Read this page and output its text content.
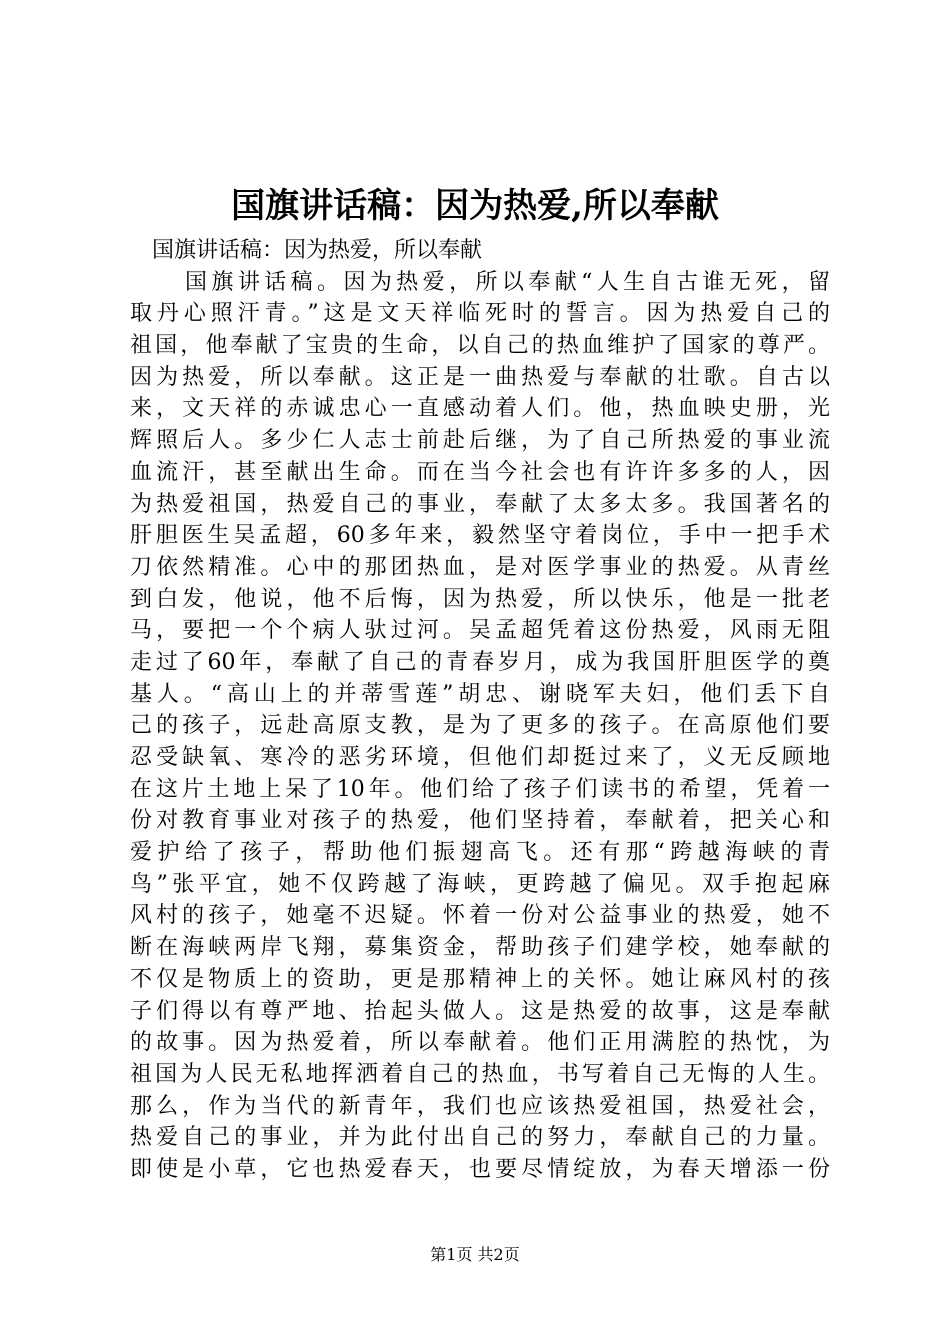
国旗讲话稿：因为热爱,所以奉献
国旗讲话稿：因为热爱，所以奉献
国旗讲话稿。因为热爱，所以奉献“人生自古谁无死，留
取丹心照汗青。”这是文天祥临死时的誓言。因为热爱自己的
祖国，他奉献了宝贵的生命，以自己的热血维护了国家的尊严。
因为热爱，所以奉献。这正是一曲热爱与奉献的壮歌。自古以
来，文天祥的赤诚忠心一直感动着人们。他，热血映史册，光
辉照后人。多少仁人志士前赴后继，为了自己所热爱的事业流
血流汗，甚至献出生命。而在当今社会也有许许多多的人，因
为热爱祖国，热爱自己的事业，奉献了太多太多。我国著名的
肝胆医生吴孟超，60多年来，毅然坚守着岗位，手中一把手术
刀依然精准。心中的那团热血，是对医学事业的热爱。从青丝
到白发，他说，他不后悔，因为热爱，所以快乐，他是一批老
马，要把一个个病人驮过河。吴孟超凭着这份热爱，风雨无阻
走过了60年，奉献了自己的青春岁月，成为我国肝胆医学的奠
基人。“高山上的并蒂雪莲”胡忠、谢晓军夫妇，他们丢下自
己的孩子，远赴高原支教，是为了更多的孩子。在高原他们要
忍受缺氧、寒冷的恶劣环境，但他们却挺过来了，义无反顾地
在这片土地上呆了10年。他们给了孩子们读书的希望，凭着一
份对教育事业对孩子的热爱，他们坚持着，奉献着，把关心和
爱护给了孩子，帮助他们振翅高飞。还有那“跨越海峡的青
鸟”张平宜，她不仅跨越了海峡，更跨越了偏见。双手抱起麻
风村的孩子，她毫不迟疑。怀着一份对公益事业的热爱，她不
断在海峡两岸飞翔，募集资金，帮助孩子们建学校，她奉献的
不仅是物质上的资助，更是那精神上的关怀。她让麻风村的孩
子们得以有尊严地、抬起头做人。这是热爱的故事，这是奉献
的故事。因为热爱着，所以奉献着。他们正用满腔的热忱，为
祖国为人民无私地挥洒着自己的热血，书写着自己无悔的人生。
那么，作为当代的新青年，我们也应该热爱祖国，热爱社会，
热爱自己的事业，并为此付出自己的努力，奉献自己的力量。
即使是小草，它也热爱春天，也要尽情绽放，为春天增添一份
第1页 共2页
